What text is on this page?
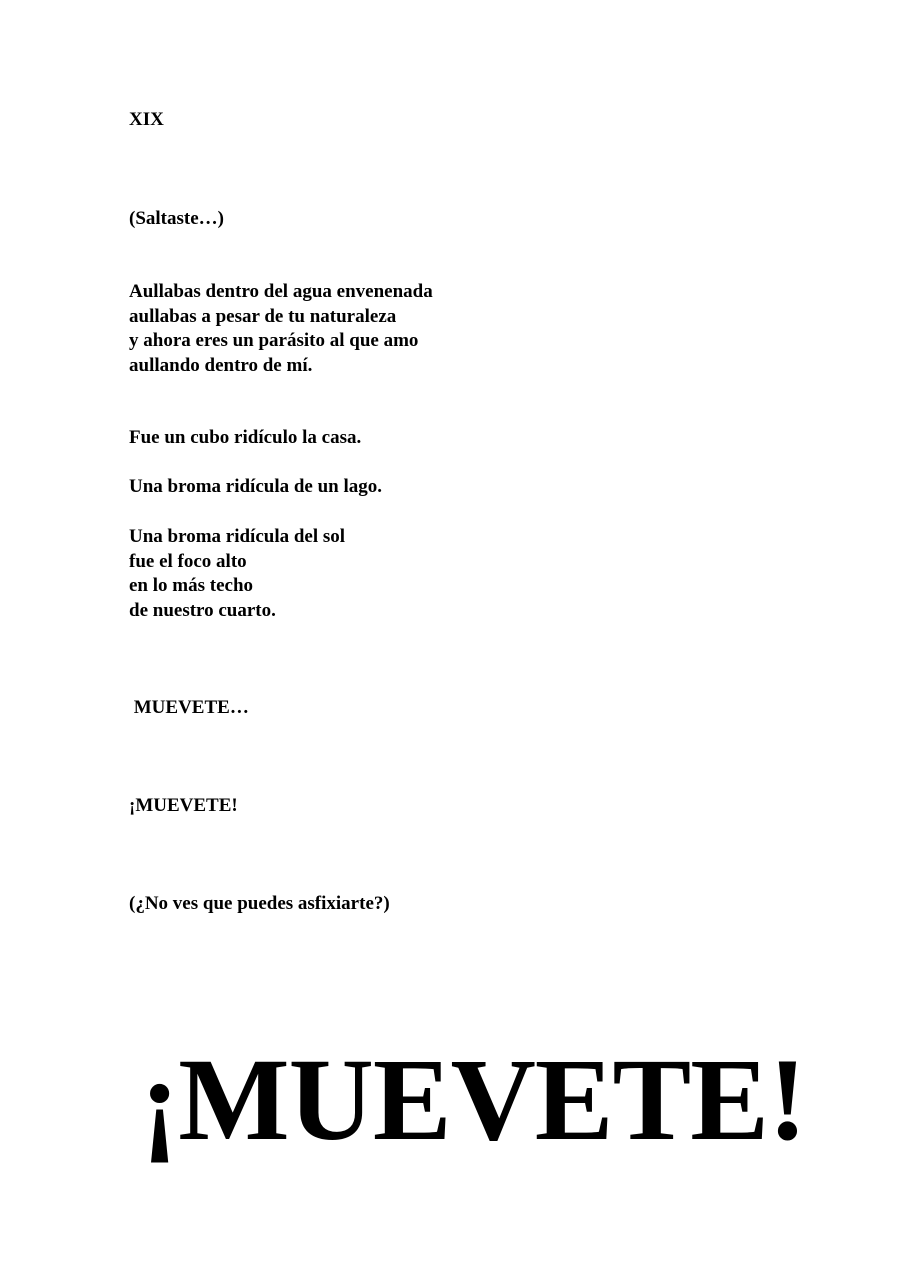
XIX

(Saltaste…)

Aullabas dentro del agua envenenada
aullabas a pesar de tu naturaleza
y ahora eres un parásito al que amo
aullando dentro de mí.

Fue un cubo ridículo la casa.

Una broma ridícula de un lago.

Una broma ridícula del sol
fue el foco alto
en lo más techo
de nuestro cuarto.

MUEVETE…

¡MUEVETE!

(¿No ves que puedes asfixiarte?)

¡MUEVETE!
